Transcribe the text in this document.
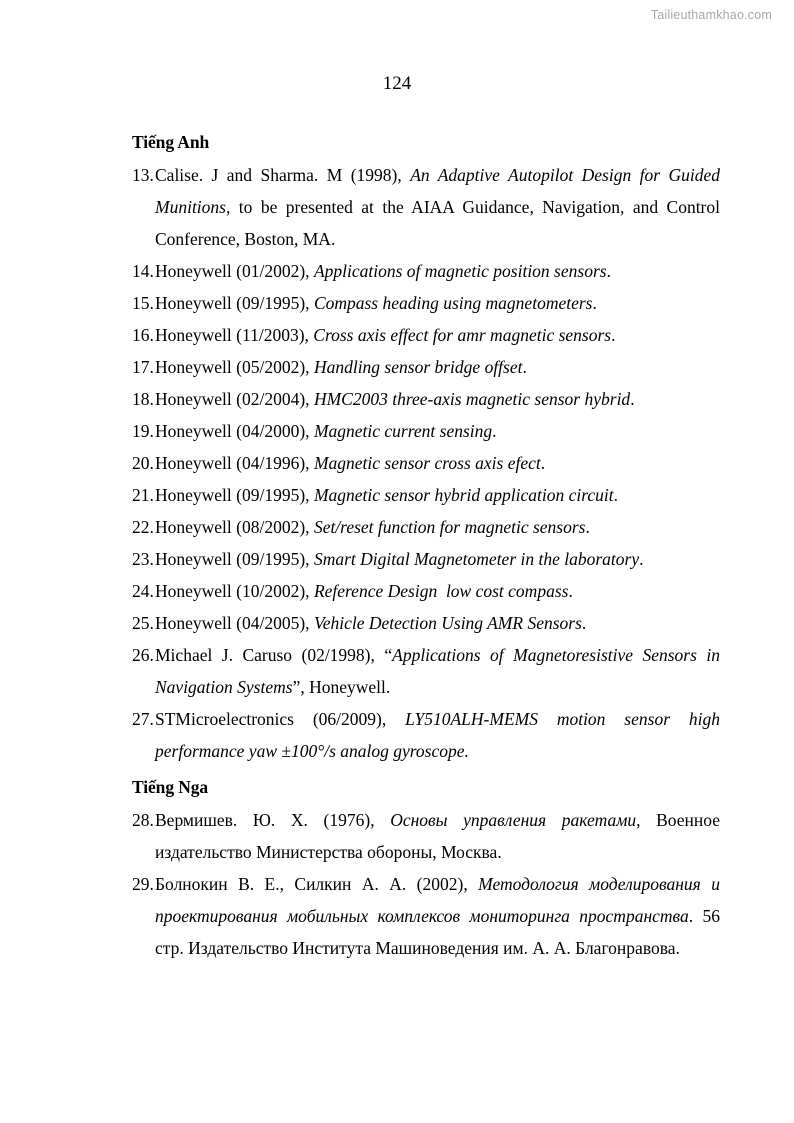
Tailieuthamkhao.com
124
Tiếng Anh
13. Calise. J and Sharma. M (1998), An Adaptive Autopilot Design for Guided Munitions, to be presented at the AIAA Guidance, Navigation, and Control Conference, Boston, MA.
14. Honeywell (01/2002), Applications of magnetic position sensors.
15. Honeywell (09/1995), Compass heading using magnetometers.
16. Honeywell (11/2003), Cross axis effect for amr magnetic sensors.
17. Honeywell (05/2002), Handling sensor bridge offset.
18. Honeywell (02/2004), HMC2003 three-axis magnetic sensor hybrid.
19. Honeywell (04/2000), Magnetic current sensing.
20. Honeywell (04/1996), Magnetic sensor cross axis efect.
21. Honeywell (09/1995), Magnetic sensor hybrid application circuit.
22. Honeywell (08/2002), Set/reset function for magnetic sensors.
23. Honeywell (09/1995), Smart Digital Magnetometer in the laboratory.
24. Honeywell (10/2002), Reference Design  low cost compass.
25. Honeywell (04/2005), Vehicle Detection Using AMR Sensors.
26. Michael J. Caruso (02/1998), “Applications of Magnetoresistive Sensors in Navigation Systems”, Honeywell.
27. STMicroelectronics (06/2009), LY510ALH-MEMS motion sensor high performance yaw ±100°/s analog gyroscope.
Tiếng Nga
28. Вермишев. Ю. Х. (1976), Основы управления ракетами, Военное издательство Министерства обороны, Москва.
29. Болнокин В. Е., Силкин А. А. (2002), Методология моделирования и проектирования мобильных комплексов мониторинга пространства. 56 стр. Издательство Института Машиноведения им. А. А. Благонравова.
